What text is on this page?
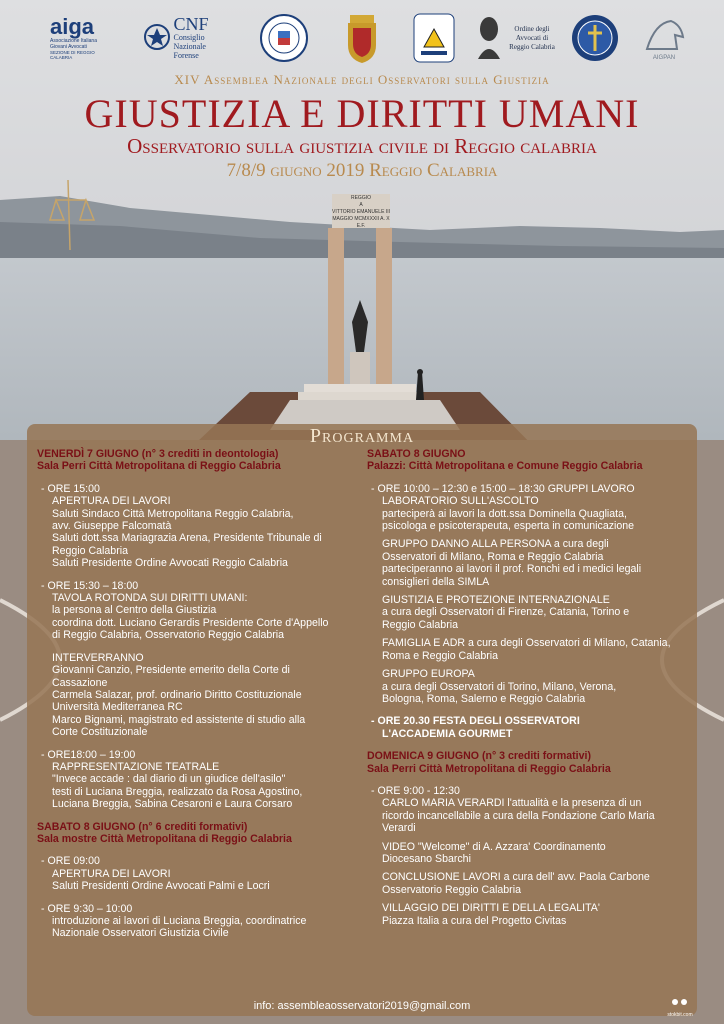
aiga
Associazione Italiana Giovani Avvocati
SEZIONE DI REGGIO CALABRIA
CNF
Consiglio Nazionale Forense
Ordine degli Avvocati di Reggio Calabria
AIGPAN
XIV Assemblea Nazionale degli Osservatori sulla Giustizia
GIUSTIZIA E DIRITTI UMANI
Osservatorio sulla giustizia civile di Reggio calabria
7/8/9 giugno 2019 Reggio Calabria
REGGIO
A
VITTORIO EMANUELE III
MAGGIO MCMXXXII A. X E.F.
Programma
VENERDÌ 7 GIUGNO (n° 3 crediti in deontologia)
Sala Perri Città Metropolitana di Reggio Calabria
- ORE 15:00
APERTURA DEI LAVORI
Saluti Sindaco Città Metropolitana Reggio Calabria,
avv. Giuseppe Falcomatà
Saluti dott.ssa Mariagrazia Arena, Presidente Tribunale di
Reggio Calabria
Saluti Presidente Ordine Avvocati Reggio Calabria
- ORE 15:30 – 18:00
TAVOLA ROTONDA SUI DIRITTI UMANI:
la persona al Centro della Giustizia
coordina dott. Luciano Gerardis Presidente Corte d'Appello
di Reggio Calabria, Osservatorio Reggio Calabria
INTERVERRANNO
Giovanni Canzio, Presidente emerito della Corte di
Cassazione
Carmela Salazar, prof. ordinario Diritto Costituzionale
Università Mediterranea RC
Marco Bignami, magistrato ed assistente di studio alla
Corte Costituzionale
- ORE18:00 – 19:00
RAPPRESENTAZIONE TEATRALE
"Invece accade : dal diario di un giudice dell'asilo"
testi di Luciana Breggia, realizzato da Rosa Agostino,
Luciana Breggia, Sabina Cesaroni e Laura Corsaro
SABATO 8 GIUGNO (n° 6 crediti formativi)
Sala mostre Città Metropolitana di Reggio Calabria
- ORE 09:00
APERTURA DEI LAVORI
Saluti Presidenti Ordine Avvocati Palmi e Locri
- ORE 9:30 – 10:00
introduzione ai lavori di Luciana Breggia, coordinatrice
Nazionale Osservatori Giustizia Civile
SABATO 8 GIUGNO
Palazzi: Città Metropolitana e Comune Reggio Calabria
- ORE 10:00 – 12:30 e 15:00 – 18:30 GRUPPI LAVORO
LABORATORIO SULL'ASCOLTO
parteciperà ai lavori la dott.ssa Dominella Quagliata,
psicologa e psicoterapeuta, esperta in comunicazione
GRUPPO DANNO ALLA PERSONA a cura degli
Osservatori di Milano, Roma e Reggio Calabria
parteciperanno ai lavori il prof. Ronchi ed i medici legali
consiglieri della SIMLA
GIUSTIZIA E PROTEZIONE INTERNAZIONALE
a cura degli Osservatori di Firenze, Catania, Torino e
Reggio Calabria
FAMIGLIA E ADR a cura degli Osservatori di Milano, Catania,
Roma e Reggio Calabria
GRUPPO EUROPA
a cura degli Osservatori di Torino, Milano, Verona,
Bologna, Roma, Salerno e Reggio Calabria
- ORE 20.30 FESTA DEGLI OSSERVATORI
L'ACCADEMIA GOURMET
DOMENICA 9 GIUGNO (n° 3 crediti formativi)
Sala Perri Città Metropolitana di Reggio Calabria
- ORE 9:00 - 12:30
CARLO MARIA VERARDI l'attualità e la presenza di un
ricordo incancellabile a cura della Fondazione Carlo Maria
Verardi
VIDEO "Welcome" di A. Azzara' Coordinamento
Diocesano Sbarchi
CONCLUSIONE LAVORI a cura dell' avv. Paola Carbone
Osservatorio Reggio Calabria
VILLAGGIO DEI DIRITTI E DELLA LEGALITA'
Piazza Italia a cura del Progetto Civitas
info: assembleaosservatori2019@gmail.com
stokbit.com
